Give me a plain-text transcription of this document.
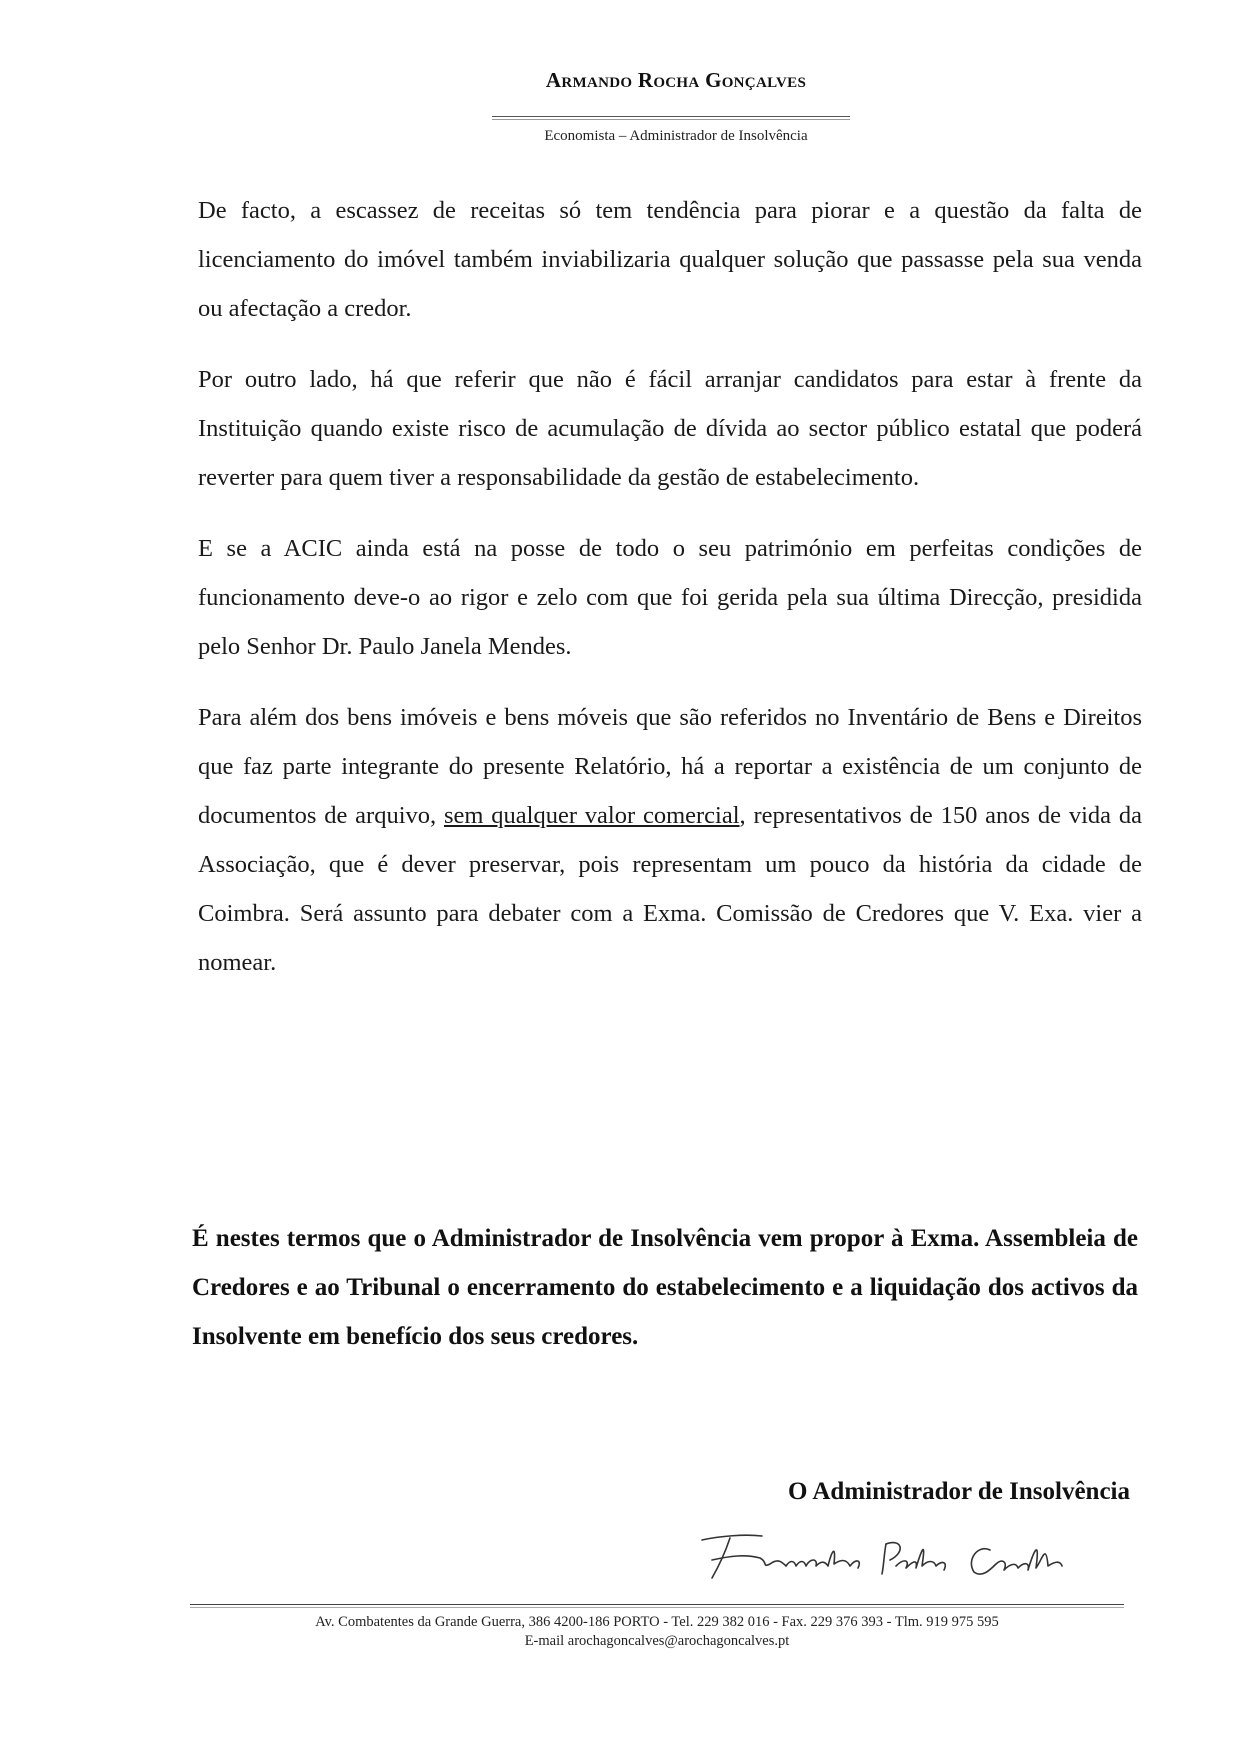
Armando Rocha Gonçalves
Economista – Administrador de Insolvência

De facto, a escassez de receitas só tem tendência para piorar e a questão da falta de licenciamento do imóvel também inviabilizaria qualquer solução que passasse pela sua venda ou afectação a credor.

Por outro lado, há que referir que não é fácil arranjar candidatos para estar à frente da Instituição quando existe risco de acumulação de dívida ao sector público estatal que poderá reverter para quem tiver a responsabilidade da gestão de estabelecimento.

E se a ACIC ainda está na posse de todo o seu património em perfeitas condições de funcionamento deve-o ao rigor e zelo com que foi gerida pela sua última Direcção, presidida pelo Senhor Dr. Paulo Janela Mendes.

Para além dos bens imóveis e bens móveis que são referidos no Inventário de Bens e Direitos que faz parte integrante do presente Relatório, há a reportar a existência de um conjunto de documentos de arquivo, sem qualquer valor comercial, representativos de 150 anos de vida da Associação, que é dever preservar, pois representam um pouco da história da cidade de Coimbra. Será assunto para debater com a Exma. Comissão de Credores que V. Exa. vier a nomear.

É nestes termos que o Administrador de Insolvência vem propor à Exma. Assembleia de Credores e ao Tribunal o encerramento do estabelecimento e a liquidação dos activos da Insolvente em benefício dos seus credores.
O Administrador de Insolvência
Av. Combatentes da Grande Guerra, 386 4200-186 PORTO - Tel. 229 382 016 - Fax. 229 376 393 - Tlm. 919 975 595
E-mail arochagoncalves@arochagoncalves.pt
